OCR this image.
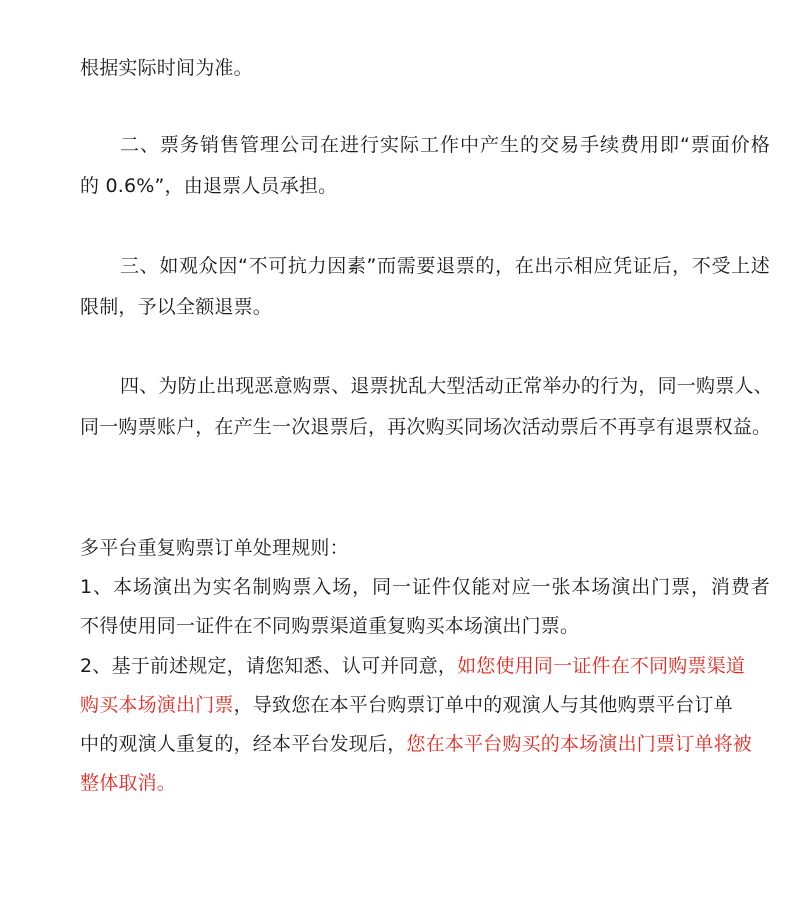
根据实际时间为准。
二、票务销售管理公司在进行实际工作中产生的交易手续费用即“票面价格
的 0.6%”，由退票人员承担。
三、如观众因“不可抗力因素”而需要退票的，在出示相应凭证后，不受上述
限制，予以全额退票。
四、为防止出现恶意购票、退票扰乱大型活动正常举办的行为，同一购票人、
同一购票账户，在产生一次退票后，再次购买同场次活动票后不再享有退票权益。
多平台重复购票订单处理规则：
1、本场演出为实名制购票入场，同一证件仅能对应一张本场演出门票，消费者
不得使用同一证件在不同购票渠道重复购买本场演出门票。
2、基于前述规定，请您知悉、认可并同意，如您使用同一证件在不同购票渠道
购买本场演出门票，导致您在本平台购票订单中的观演人与其他购票平台订单
中的观演人重复的，经本平台发现后，您在本平台购买的本场演出门票订单将被
整体取消。
